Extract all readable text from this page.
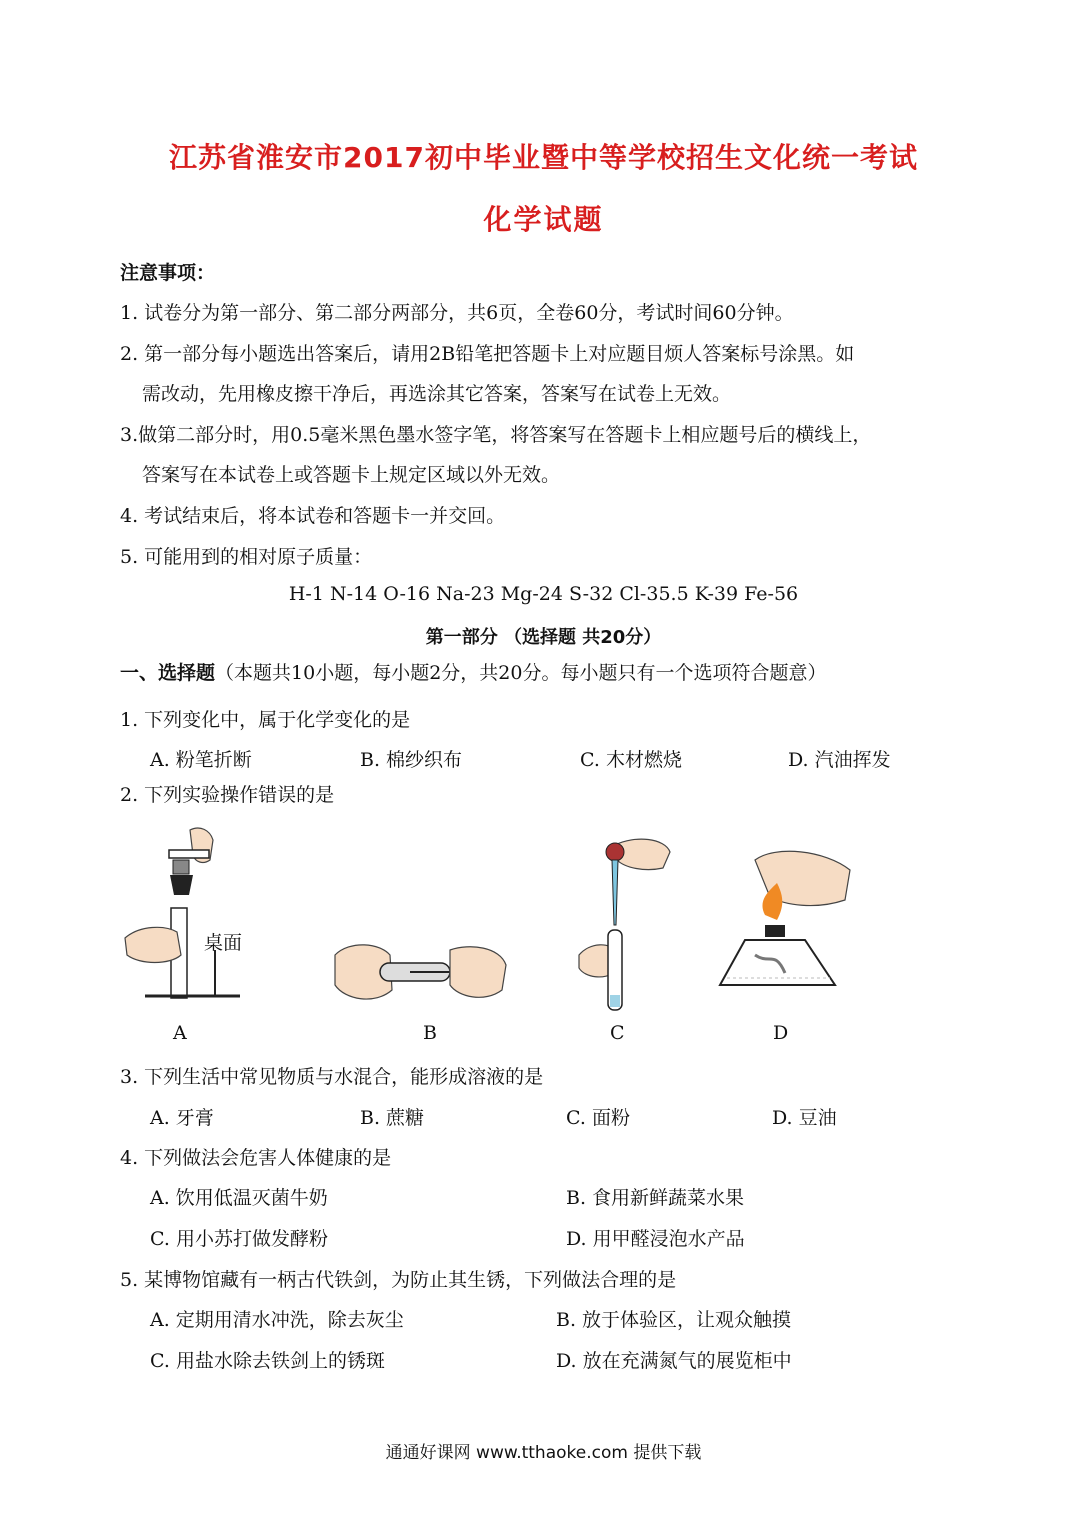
江苏省淮安市2017初中毕业暨中等学校招生文化统一考试
化学试题
注意事项：
1. 试卷分为第一部分、第二部分两部分，共6页，全卷60分，考试时间60分钟。
2. 第一部分每小题选出答案后，请用2B铅笔把答题卡上对应题目烦人答案标号涂黑。如
需改动，先用橡皮擦干净后，再选涂其它答案，答案写在试卷上无效。
3.做第二部分时，用0.5毫米黑色墨水签字笔，将答案写在答题卡上相应题号后的横线上，
答案写在本试卷上或答题卡上规定区域以外无效。
4. 考试结束后，将本试卷和答题卡一并交回。
5. 可能用到的相对原子质量：
H-1 N-14 O-16 Na-23 Mg-24 S-32 Cl-35.5 K-39 Fe-56
第一部分 （选择题 共20分）
一、选择题（本题共10小题，每小题2分，共20分。每小题只有一个选项符合题意）
1. 下列变化中，属于化学变化的是
A. 粉笔折断	B. 棉纱织布	C. 木材燃烧	D. 汽油挥发
2. 下列实验操作错误的是
桌面
A	B	C	D
3. 下列生活中常见物质与水混合，能形成溶液的是
A. 牙膏	B. 蔗糖	C. 面粉	D. 豆油
4. 下列做法会危害人体健康的是
A. 饮用低温灭菌牛奶	B. 食用新鲜蔬菜水果
C. 用小苏打做发酵粉	D. 用甲醛浸泡水产品
5. 某博物馆藏有一柄古代铁剑，为防止其生锈，下列做法合理的是
A. 定期用清水冲洗，除去灰尘	B. 放于体验区，让观众触摸
C. 用盐水除去铁剑上的锈斑	D. 放在充满氮气的展览柜中
通通好课网 www.tthaoke.com 提供下载
